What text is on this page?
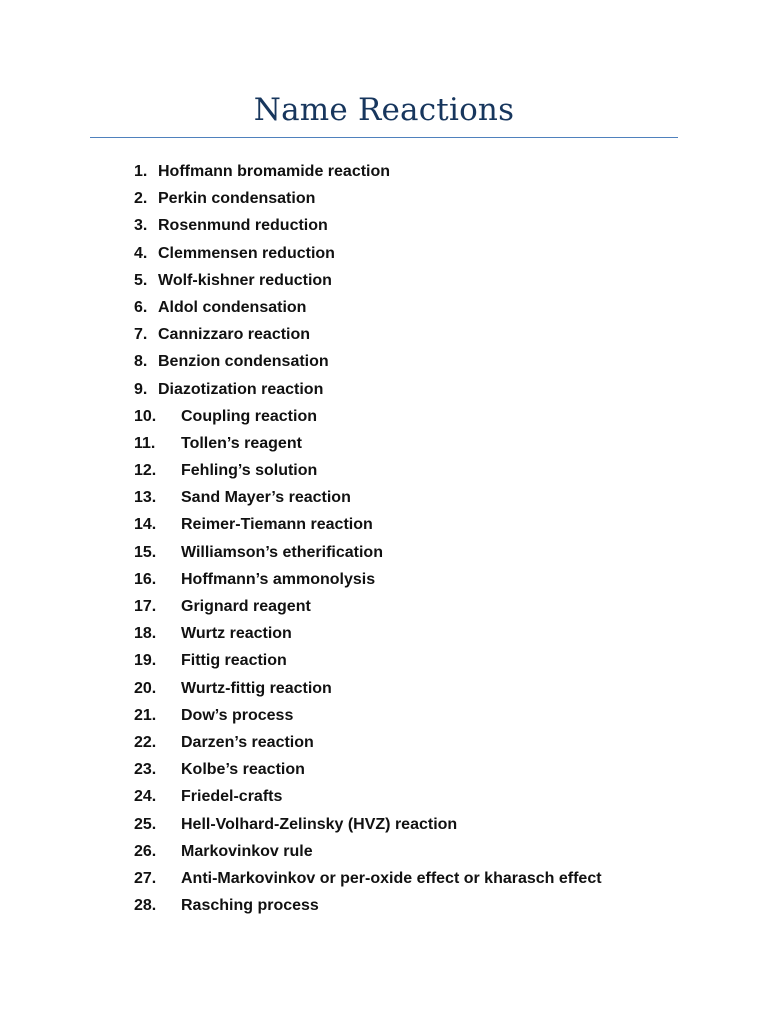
Name Reactions
1. Hoffmann bromamide reaction
2. Perkin condensation
3. Rosenmund reduction
4. Clemmensen reduction
5. Wolf-kishner reduction
6. Aldol condensation
7. Cannizzaro reaction
8. Benzion condensation
9. Diazotization reaction
10. Coupling reaction
11. Tollen’s reagent
12. Fehling’s solution
13. Sand Mayer’s reaction
14. Reimer-Tiemann reaction
15. Williamson’s etherification
16. Hoffmann’s ammonolysis
17. Grignard reagent
18. Wurtz reaction
19. Fittig reaction
20. Wurtz-fittig reaction
21. Dow’s process
22. Darzen’s reaction
23. Kolbe’s reaction
24. Friedel-crafts
25. Hell-Volhard-Zelinsky (HVZ) reaction
26. Markovinkov rule
27. Anti-Markovinkov or per-oxide effect or kharasch effect
28. Rasching process
